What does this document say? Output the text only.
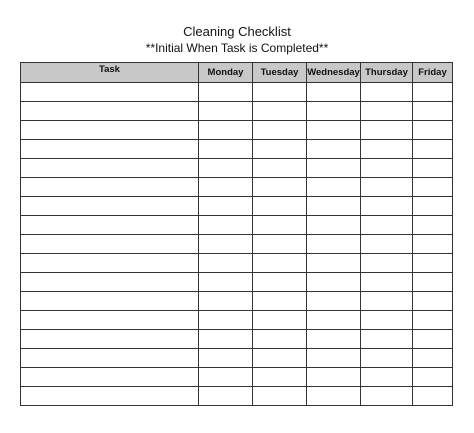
Cleaning Checklist
**Initial When Task is Completed**
Task	Monday	Tuesday	Wednesday	Thursday	Friday
